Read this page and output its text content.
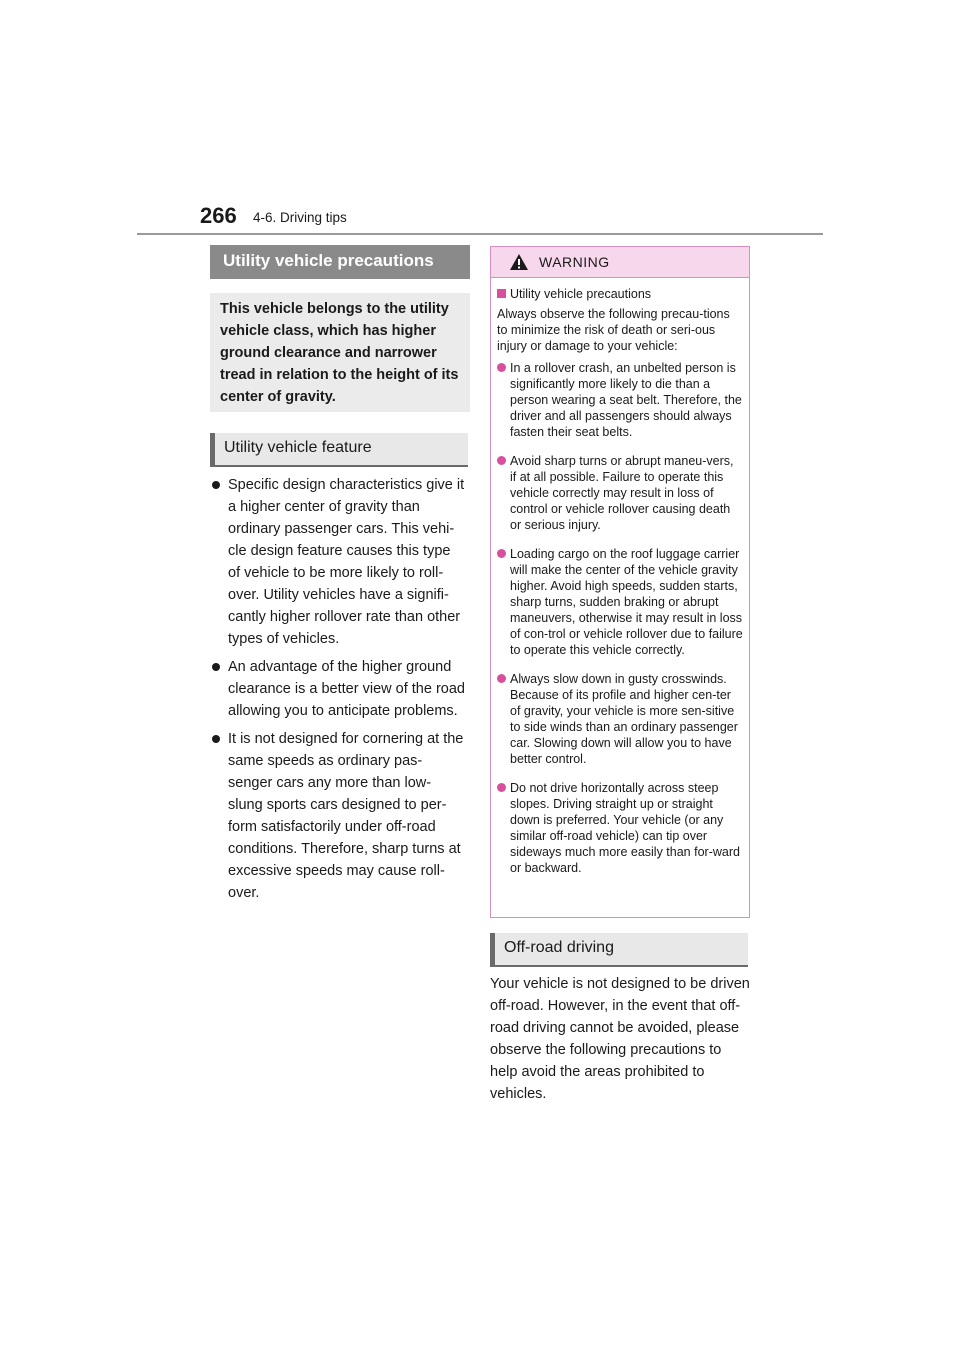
266 4-6. Driving tips
Utility vehicle precautions
This vehicle belongs to the utility vehicle class, which has higher ground clearance and narrower tread in relation to the height of its center of gravity.
Utility vehicle feature
Specific design characteristics give it a higher center of gravity than ordinary passenger cars. This vehi-cle design feature causes this type of vehicle to be more likely to roll-over. Utility vehicles have a signifi-cantly higher rollover rate than other types of vehicles.
An advantage of the higher ground clearance is a better view of the road allowing you to anticipate problems.
It is not designed for cornering at the same speeds as ordinary pas-senger cars any more than low-slung sports cars designed to per-form satisfactorily under off-road conditions. Therefore, sharp turns at excessive speeds may cause roll-over.
WARNING
Utility vehicle precautions
Always observe the following precau-tions to minimize the risk of death or seri-ous injury or damage to your vehicle:
In a rollover crash, an unbelted person is significantly more likely to die than a person wearing a seat belt. Therefore, the driver and all passengers should always fasten their seat belts.
Avoid sharp turns or abrupt maneu-vers, if at all possible. Failure to operate this vehicle correctly may result in loss of control or vehicle rollover causing death or serious injury.
Loading cargo on the roof luggage carrier will make the center of the vehicle gravity higher. Avoid high speeds, sudden starts, sharp turns, sudden braking or abrupt maneuvers, otherwise it may result in loss of con-trol or vehicle rollover due to failure to operate this vehicle correctly.
Always slow down in gusty crosswinds. Because of its profile and higher cen-ter of gravity, your vehicle is more sen-sitive to side winds than an ordinary passenger car. Slowing down will allow you to have better control.
Do not drive horizontally across steep slopes. Driving straight up or straight down is preferred. Your vehicle (or any similar off-road vehicle) can tip over sideways much more easily than for-ward or backward.
Off-road driving
Your vehicle is not designed to be driven off-road. However, in the event that off-road driving cannot be avoided, please observe the following precautions to help avoid the areas prohibited to vehicles.
